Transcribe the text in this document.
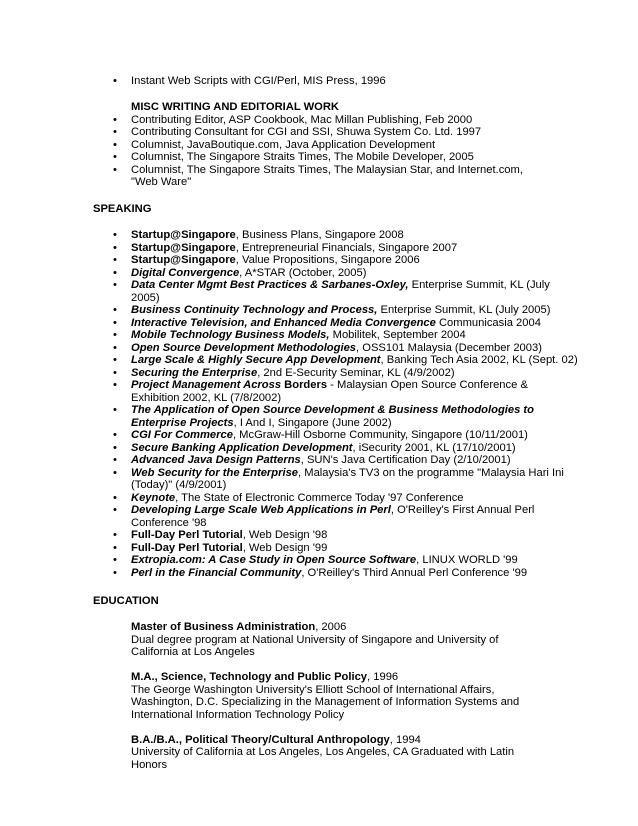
• Instant Web Scripts with CGI/Perl, MIS Press, 1996
MISC WRITING AND EDITORIAL WORK
• Contributing Editor, ASP Cookbook, Mac Millan Publishing, Feb 2000
• Contributing Consultant for CGI and SSI, Shuwa System Co. Ltd. 1997
• Columnist, JavaBoutique.com, Java Application Development
• Columnist, The Singapore Straits Times, The Mobile Developer, 2005
• Columnist, The Singapore Straits Times, The Malaysian Star, and Internet.com, "Web Ware"
SPEAKING
• Startup@Singapore, Business Plans, Singapore 2008
• Startup@Singapore, Entrepreneurial Financials, Singapore 2007
• Startup@Singapore, Value Propositions, Singapore 2006
• Digital Convergence, A*STAR (October, 2005)
• Data Center Mgmt Best Practices & Sarbanes-Oxley, Enterprise Summit, KL (July 2005)
• Business Continuity Technology and Process, Enterprise Summit, KL (July 2005)
• Interactive Television, and Enhanced Media Convergence Communicasia 2004
• Mobile Technology Business Models, Mobilitek, September 2004
• Open Source Development Methodologies, OSS101 Malaysia (December 2003)
• Large Scale & Highly Secure App Development, Banking Tech Asia 2002, KL (Sept. 02)
• Securing the Enterprise, 2nd E-Security Seminar, KL (4/9/2002)
• Project Management Across Borders - Malaysian Open Source Conference & Exhibition 2002, KL (7/8/2002)
• The Application of Open Source Development & Business Methodologies to Enterprise Projects, I And I, Singapore (June 2002)
• CGI For Commerce, McGraw-Hill Osborne Community, Singapore (10/11/2001)
• Secure Banking Application Development, iSecurity 2001, KL (17/10/2001)
• Advanced Java Design Patterns, SUN's Java Certification Day (2/10/2001)
• Web Security for the Enterprise, Malaysia's TV3 on the programme "Malaysia Hari Ini (Today)" (4/9/2001)
• Keynote, The State of Electronic Commerce Today '97 Conference
• Developing Large Scale Web Applications in Perl, O'Reilley's First Annual Perl Conference '98
• Full-Day Perl Tutorial, Web Design '98
• Full-Day Perl Tutorial, Web Design '99
• Extropia.com: A Case Study in Open Source Software, LINUX WORLD '99
• Perl in the Financial Community, O'Reilley's Third Annual Perl Conference '99
EDUCATION
Master of Business Administration, 2006
Dual degree program at National University of Singapore and University of California at Los Angeles
M.A., Science, Technology and Public Policy, 1996
The George Washington University's Elliott School of International Affairs, Washington, D.C. Specializing in the Management of Information Systems and International Information Technology Policy
B.A./B.A., Political Theory/Cultural Anthropology, 1994
University of California at Los Angeles, Los Angeles, CA Graduated with Latin Honors
